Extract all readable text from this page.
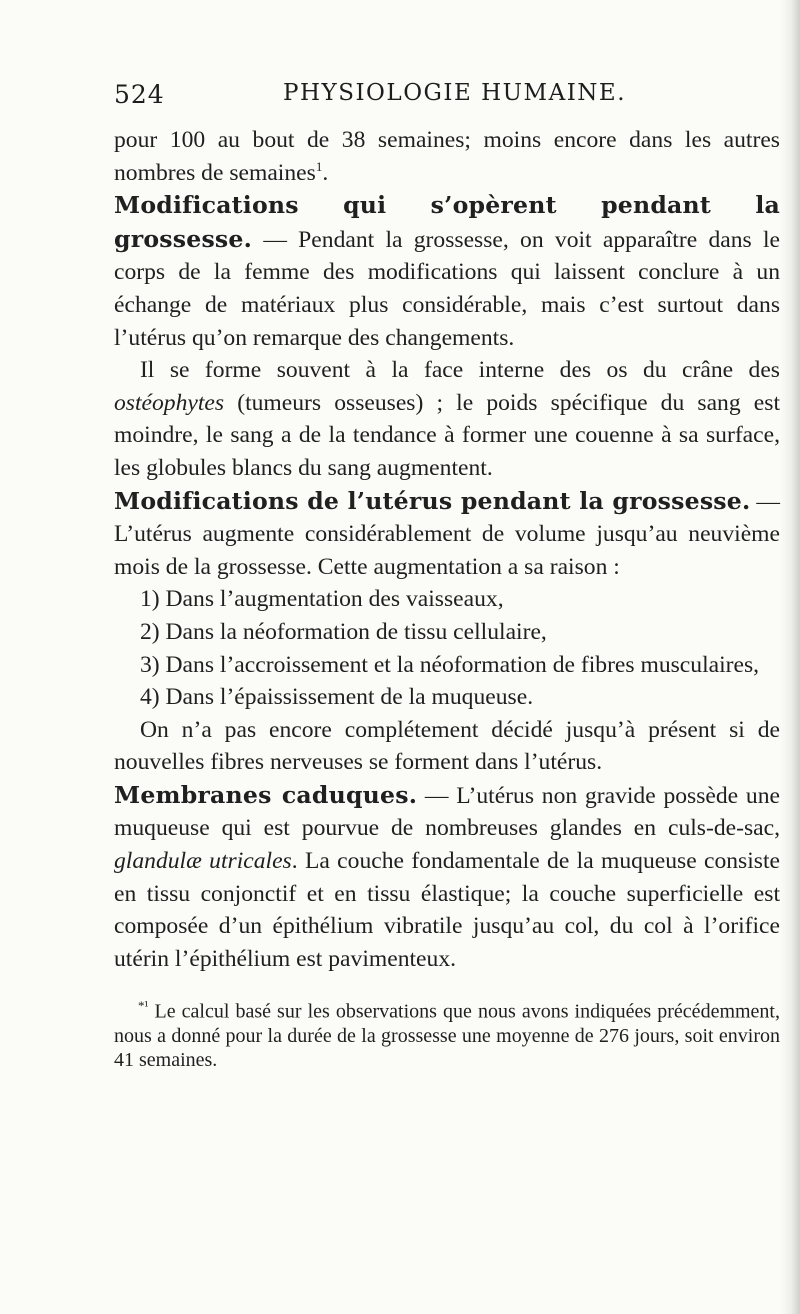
524	PHYSIOLOGIE HUMAINE.

pour 100 au bout de 38 semaines; moins encore dans les autres nombres de semaines$^1$.

Modifications qui s’opèrent pendant la grossesse. — Pendant la grossesse, on voit apparaître dans le corps de la femme des modifications qui laissent conclure à un échange de matériaux plus considérable, mais c’est surtout dans l’utérus qu’on remarque des changements.

Il se forme souvent à la face interne des os du crâne des ostéophytes (tumeurs osseuses) ; le poids spécifique du sang est moindre, le sang a de la tendance à former une couenne à sa surface, les globules blancs du sang augmentent.

Modifications de l’utérus pendant la grossesse. — L’utérus augmente considérablement de volume jusqu’au neuvième mois de la grossesse. Cette augmentation a sa raison :

1) Dans l’augmentation des vaisseaux,

2) Dans la néoformation de tissu cellulaire,

3) Dans l’accroissement et la néoformation de fibres musculaires,

4) Dans l’épaississement de la muqueuse.

On n’a pas encore complétement décidé jusqu’à présent si de nouvelles fibres nerveuses se forment dans l’utérus.

Membranes caduques. — L’utérus non gravide possède une muqueuse qui est pourvue de nombreuses glandes en culs-de-sac, glandulæ utricales. La couche fondamentale de la muqueuse consiste en tissu conjonctif et en tissu élastique; la couche superficielle est composée d’un épithélium vibratile jusqu’au col, du col à l’orifice utérin l’épithélium est pavimenteux.

$^{*^1}$ Le calcul basé sur les observations que nous avons indiquées précédemment, nous a donné pour la durée de la grossesse une moyenne de 276 jours, soit environ 41 semaines.
